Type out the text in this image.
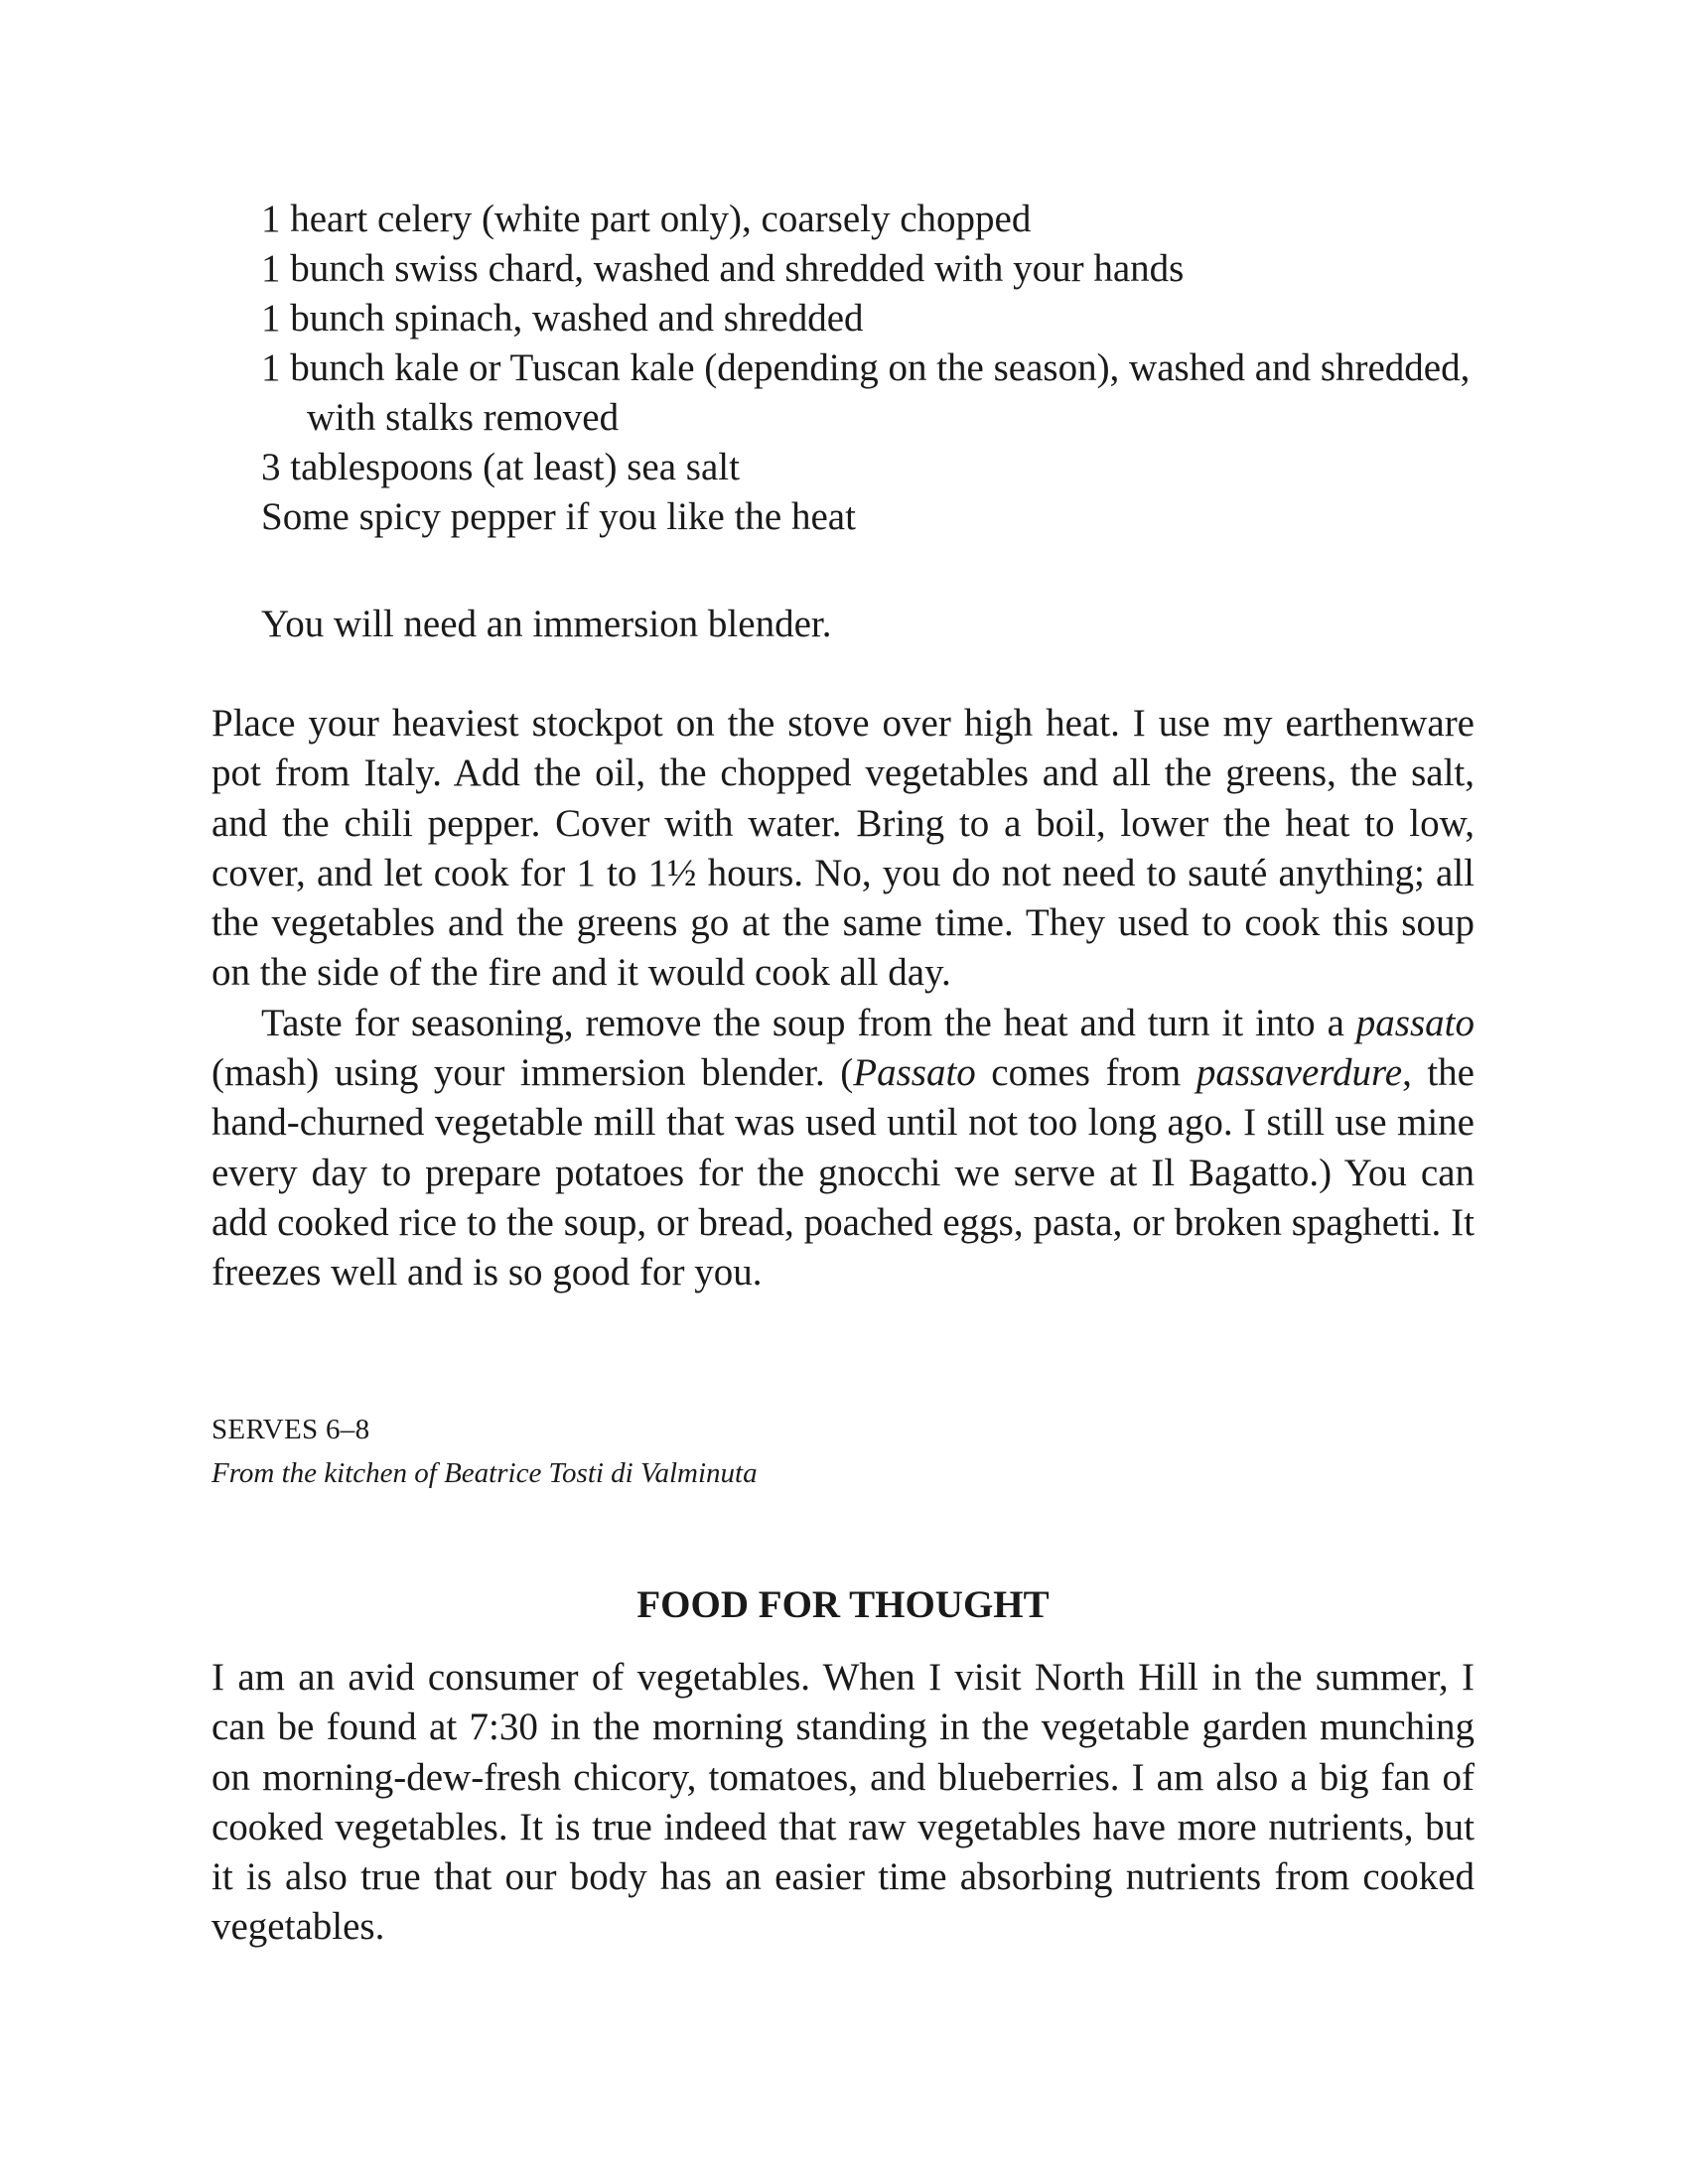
1 heart celery (white part only), coarsely chopped
1 bunch swiss chard, washed and shredded with your hands
1 bunch spinach, washed and shredded
1 bunch kale or Tuscan kale (depending on the season), washed and shredded, with stalks removed
3 tablespoons (at least) sea salt
Some spicy pepper if you like the heat
You will need an immersion blender.

Place your heaviest stockpot on the stove over high heat. I use my earthenware pot from Italy. Add the oil, the chopped vegetables and all the greens, the salt, and the chili pepper. Cover with water. Bring to a boil, lower the heat to low, cover, and let cook for 1 to 1½ hours. No, you do not need to sauté anything; all the vegetables and the greens go at the same time. They used to cook this soup on the side of the fire and it would cook all day.

Taste for seasoning, remove the soup from the heat and turn it into a passato (mash) using your immersion blender. (Passato comes from passaverdure, the hand-churned vegetable mill that was used until not too long ago. I still use mine every day to prepare potatoes for the gnocchi we serve at Il Bagatto.) You can add cooked rice to the soup, or bread, poached eggs, pasta, or broken spaghetti. It freezes well and is so good for you.

SERVES 6–8
From the kitchen of Beatrice Tosti di Valminuta
FOOD FOR THOUGHT

I am an avid consumer of vegetables. When I visit North Hill in the summer, I can be found at 7:30 in the morning standing in the vegetable garden munching on morning-dew-fresh chicory, tomatoes, and blueberries. I am also a big fan of cooked vegetables. It is true indeed that raw vegetables have more nutrients, but it is also true that our body has an easier time absorbing nutrients from cooked vegetables.
